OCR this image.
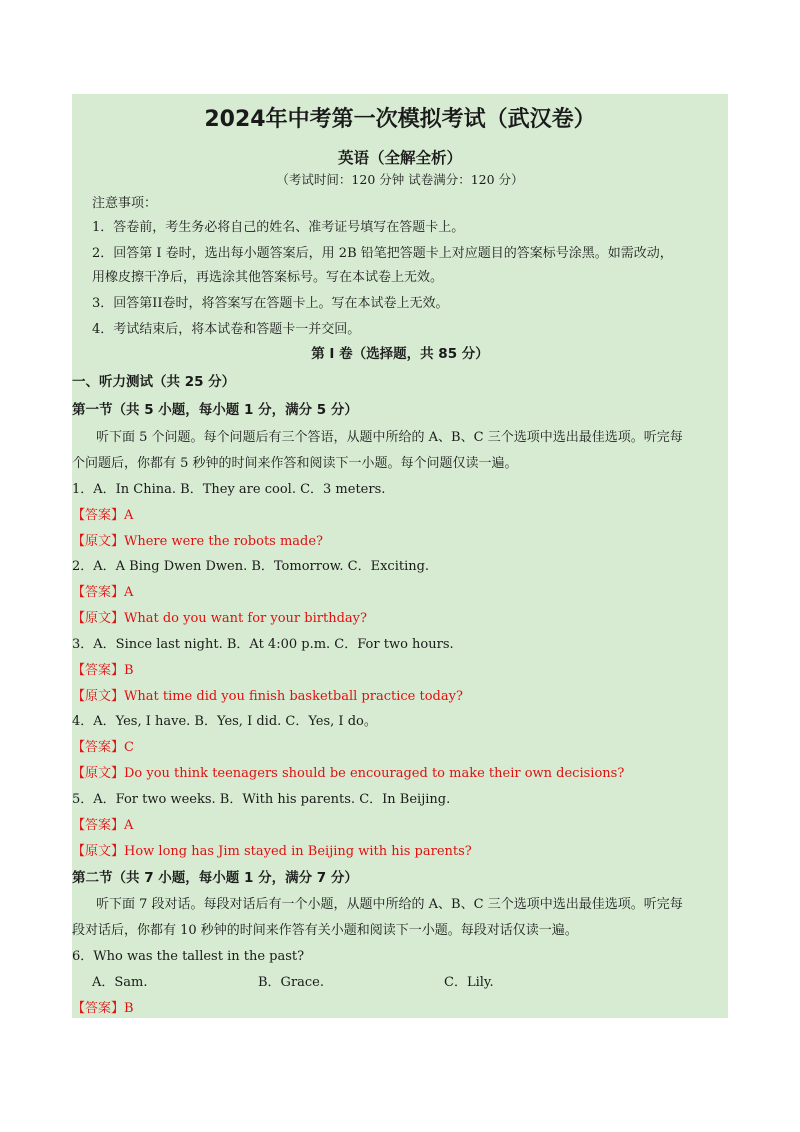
2024年中考第一次模拟考试（武汉卷）
英语（全解全析）
（考试时间：120 分钟 试卷满分：120 分）
注意事项：
1．答卷前，考生务必将自己的姓名、准考证号填写在答题卡上。
2．回答第 I 卷时，选出每小题答案后，用 2B 铅笔把答题卡上对应题目的答案标号涂黑。如需改动，
用橡皮擦干净后，再选涂其他答案标号。写在本试卷上无效。
3．回答第II卷时，将答案写在答题卡上。写在本试卷上无效。
4．考试结束后，将本试卷和答题卡一并交回。
第 I 卷（选择题，共 85 分）
一、听力测试（共 25 分）
第一节（共 5 小题，每小题 1 分，满分 5 分）
听下面 5 个问题。每个问题后有三个答语，从题中所给的 A、B、C 三个选项中选出最佳选项。听完每
个问题后，你都有 5 秒钟的时间来作答和阅读下一小题。每个问题仅读一遍。
1．A．In China. B．They are cool. C．3 meters.
【答案】A
【原文】Where were the robots made?
2．A．A Bing Dwen Dwen. B．Tomorrow. C．Exciting.
【答案】A
【原文】What do you want for your birthday?
3．A．Since last night. B．At 4:00 p.m. C．For two hours.
【答案】B
【原文】What time did you finish basketball practice today?
4．A．Yes, I have. B．Yes, I did. C．Yes, I do。
【答案】C
【原文】Do you think teenagers should be encouraged to make their own decisions?
5．A．For two weeks. B．With his parents. C．In Beijing.
【答案】A
【原文】How long has Jim stayed in Beijing with his parents?
第二节（共 7 小题，每小题 1 分，满分 7 分）
听下面 7 段对话。每段对话后有一个小题，从题中所给的 A、B、C 三个选项中选出最佳选项。听完每
段对话后，你都有 10 秒钟的时间来作答有关小题和阅读下一小题。每段对话仅读一遍。
6．Who was the tallest in the past?
A．Sam.	B．Grace.	C．Lily.
【答案】B
